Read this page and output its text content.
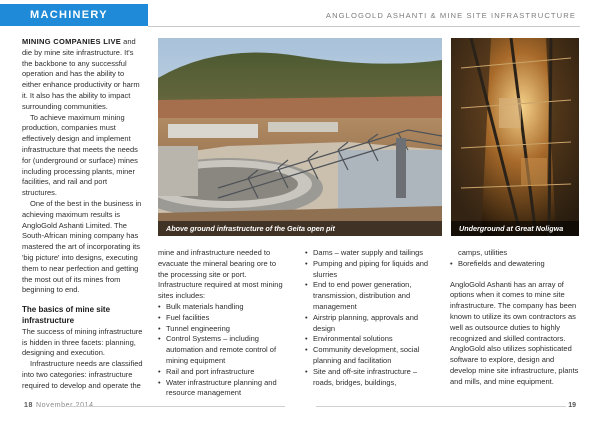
MACHINERY	ANGLOGOLD ASHANTI & MINE SITE INFRASTRUCTURE

MINING COMPANIES LIVE and die by mine site infrastructure. It's the backbone to any successful operation and has the ability to either enhance productivity or harm it. It also has the ability to impact surrounding communities.

To achieve maximum mining production, companies must effectively design and implement infrastructure that meets the needs for (underground or surface) mines including processing plants, miner facilities, and rail and port structures.

One of the best in the business in achieving maximum results is AngloGold Ashanti Limited. The South-African mining company has mastered the art of incorporating its 'big picture' into designs, executing them to near perfection and getting the most out of its mines from beginning to end.

The basics of mine site infrastructure

The success of mining infrastructure is hidden in three facets: planning, designing and execution.

Infrastructure needs are classified into two categories: infrastructure required to develop and operate the

Above ground infrastructure of the Geita open pit	Underground at Great Noligwa

mine and infrastructure needed to evacuate the mineral bearing ore to the processing site or port. Infrastructure required at most mining sites includes:

• Bulk materials handling
• Fuel facilities
• Tunnel engineering
• Control Systems – including automation and remote control of mining equipment
• Rail and port infrastructure
• Water infrastructure planning and resource management
• Dams – water supply and tailings
• Pumping and piping for liquids and slurries
• End to end power generation, transmission, distribution and management
• Airstrip planning, approvals and design
• Environmental solutions
• Community development, social planning and facilitation
• Site and off-site infrastructure – roads, bridges, buildings,

camps, utilities

• Borefields and dewatering

AngloGold Ashanti has an array of options when it comes to mine site infrastructure. The company has been known to utilize its own contractors as well as outsource duties to highly recognized and skilled contractors. AngloGold also utilizes sophisticated software to explore, design and develop mine site infrastructure, plants and mills, and mine equipment.

18 November 2014	19
